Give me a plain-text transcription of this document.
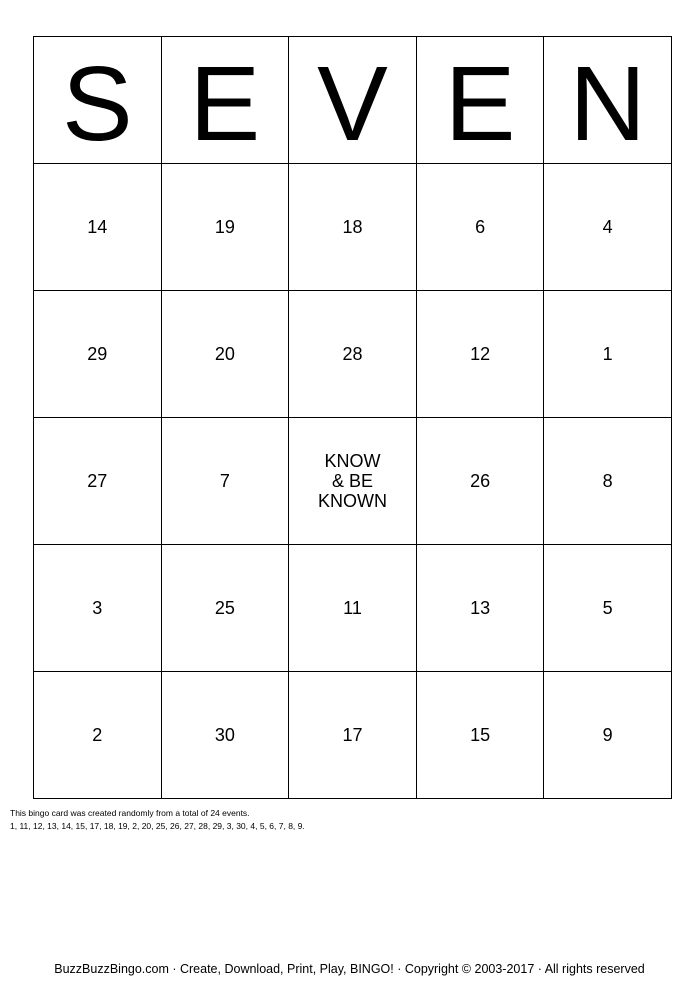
S	E	V	E	N
14	19	18	6	4
29	20	28	12	1
27	7	KNOW
& BE
KNOWN	26	8
3	25	11	13	5
2	30	17	15	9
This bingo card was created randomly from a total of 24 events.
1, 11, 12, 13, 14, 15, 17, 18, 19, 2, 20, 25, 26, 27, 28, 29, 3, 30, 4, 5, 6, 7, 8, 9.
BuzzBuzzBingo.com · Create, Download, Print, Play, BINGO! · Copyright © 2003-2017 · All rights reserved
